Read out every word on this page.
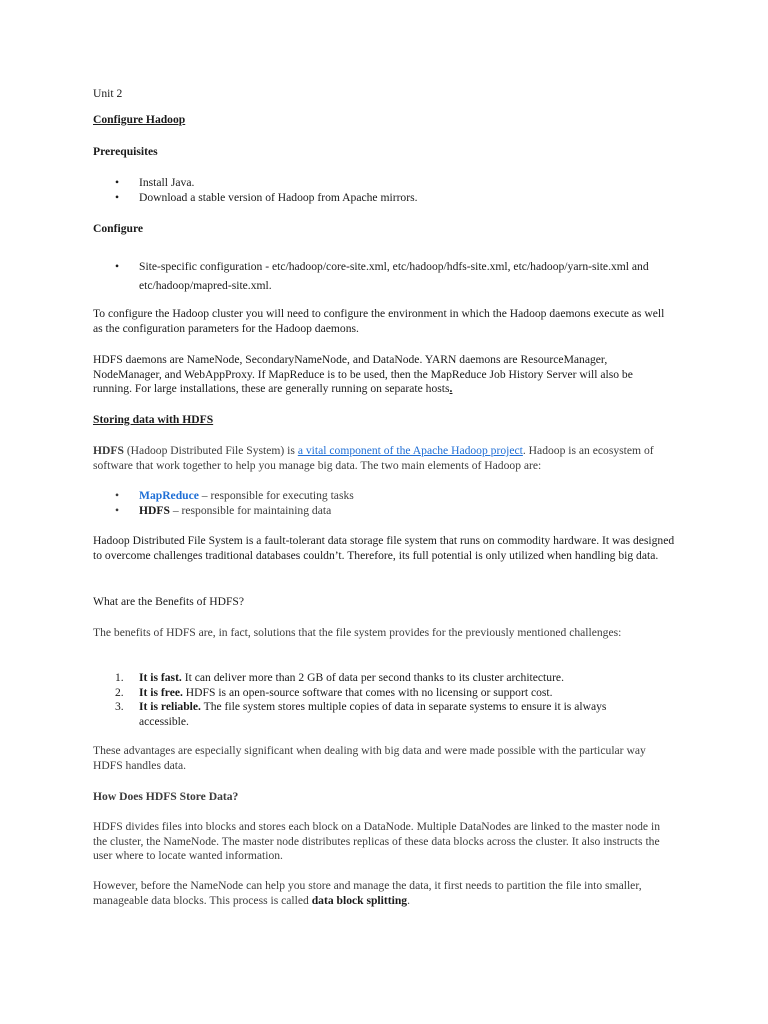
Unit 2
Configure Hadoop
Prerequisites
• Install Java.
• Download a stable version of Hadoop from Apache mirrors.
Configure
• Site-specific configuration - etc/hadoop/core-site.xml, etc/hadoop/hdfs-site.xml, etc/hadoop/yarn-site.xml and etc/hadoop/mapred-site.xml.

To configure the Hadoop cluster you will need to configure the environment in which the Hadoop daemons execute as well as the configuration parameters for the Hadoop daemons.

HDFS daemons are NameNode, SecondaryNameNode, and DataNode. YARN daemons are ResourceManager, NodeManager, and WebAppProxy. If MapReduce is to be used, then the MapReduce Job History Server will also be running. For large installations, these are generally running on separate hosts.

Storing data with HDFS

HDFS (Hadoop Distributed File System) is a vital component of the Apache Hadoop project. Hadoop is an ecosystem of software that work together to help you manage big data. The two main elements of Hadoop are:

• MapReduce – responsible for executing tasks
• HDFS – responsible for maintaining data

Hadoop Distributed File System is a fault-tolerant data storage file system that runs on commodity hardware. It was designed to overcome challenges traditional databases couldn’t. Therefore, its full potential is only utilized when handling big data.

What are the Benefits of HDFS?

The benefits of HDFS are, in fact, solutions that the file system provides for the previously mentioned challenges:

1. It is fast. It can deliver more than 2 GB of data per second thanks to its cluster architecture.
2. It is free. HDFS is an open-source software that comes with no licensing or support cost.
3. It is reliable. The file system stores multiple copies of data in separate systems to ensure it is always accessible.

These advantages are especially significant when dealing with big data and were made possible with the particular way HDFS handles data.

How Does HDFS Store Data?

HDFS divides files into blocks and stores each block on a DataNode. Multiple DataNodes are linked to the master node in the cluster, the NameNode. The master node distributes replicas of these data blocks across the cluster. It also instructs the user where to locate wanted information.

However, before the NameNode can help you store and manage the data, it first needs to partition the file into smaller, manageable data blocks. This process is called data block splitting.
